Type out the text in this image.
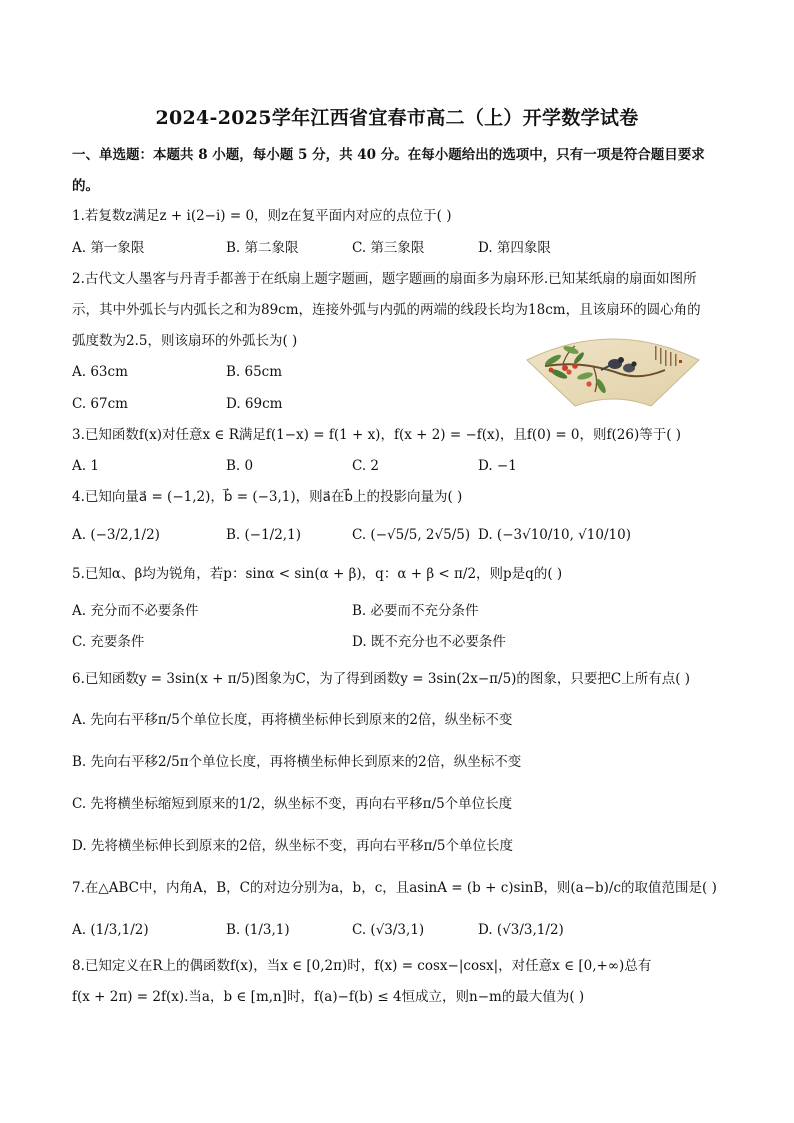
2024-2025学年江西省宜春市高二（上）开学数学试卷
一、单选题：本题共 8 小题，每小题 5 分，共 40 分。在每小题给出的选项中，只有一项是符合题目要求
的。
1.若复数z满足z + i(2−i) = 0，则z在复平面内对应的点位于( )
A. 第一象限	B. 第二象限	C. 第三象限	D. 第四象限
2.古代文人墨客与丹青手都善于在纸扇上题字题画，题字题画的扇面多为扇环形.已知某纸扇的扇面如图所
示，其中外弧长与内弧长之和为89cm，连接外弧与内弧的两端的线段长均为18cm，且该扇环的圆心角的
弧度数为2.5，则该扇环的外弧长为( )
A. 63cm	B. 65cm
C. 67cm	D. 69cm
3.已知函数f(x)对任意x ∈ R满足f(1−x) = f(1 + x)，f(x + 2) = −f(x)，且f(0) = 0，则f(26)等于( )
A. 1	B. 0	C. 2	D. −1
4.已知向量a⃗ = (−1,2)，b⃗ = (−3,1)，则a⃗在b⃗上的投影向量为( )
A. (−3/2,1/2)	B. (−1/2,1)	C. (−√5/5, 2√5/5) D. (−3√10/10, √10/10)
5.已知α、β均为锐角，若p：sinα < sin(α + β)，q：α + β < π/2，则p是q的( )
A. 充分而不必要条件	B. 必要而不充分条件
C. 充要条件	D. 既不充分也不必要条件
6.已知函数y = 3sin(x + π/5)图象为C，为了得到函数y = 3sin(2x−π/5)的图象，只要把C上所有点( )
A. 先向右平移π/5个单位长度，再将横坐标伸长到原来的2倍，纵坐标不变
B. 先向右平移2/5π个单位长度，再将横坐标伸长到原来的2倍，纵坐标不变
C. 先将横坐标缩短到原来的1/2，纵坐标不变，再向右平移π/5个单位长度
D. 先将横坐标伸长到原来的2倍，纵坐标不变，再向右平移π/5个单位长度
7.在△ABC中，内角A，B，C的对边分别为a，b，c，且asinA = (b + c)sinB，则(a−b)/c的取值范围是( )
A. (1/3,1/2)	B. (1/3,1)	C. (√3/3,1)	D. (√3/3,1/2)
8.已知定义在R上的偶函数f(x)，当x ∈ [0,2π)时，f(x) = cosx−|cosx|，对任意x ∈ [0,+∞)总有
f(x + 2π) = 2f(x).当a，b ∈ [m,n]时，f(a)−f(b) ≤ 4恒成立，则n−m的最大值为( )
